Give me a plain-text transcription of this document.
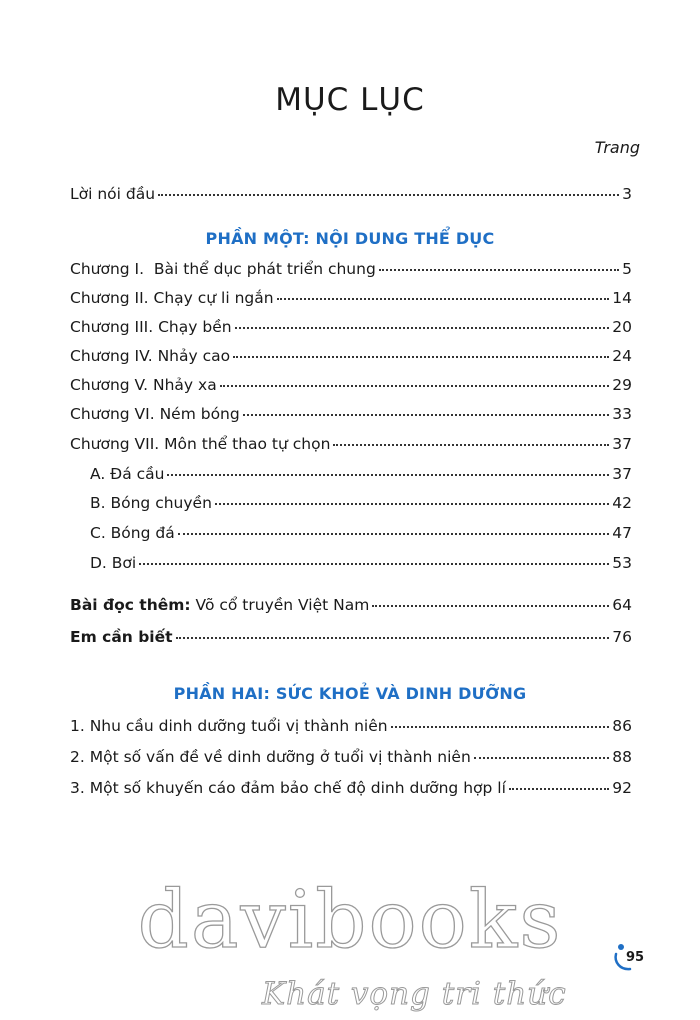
MỤC LỤC
Trang
Lời nói đầu	3
PHẦN MỘT: NỘI DUNG THỂ DỤC
Chương I.  Bài thể dục phát triển chung	5
Chương II. Chạy cự li ngắn	14
Chương III. Chạy bền	20
Chương IV. Nhảy cao	24
Chương V. Nhảy xa	29
Chương VI. Ném bóng	33
Chương VII. Môn thể thao tự chọn	37
A. Đá cầu	37
B. Bóng chuyền	42
C. Bóng đá	47
D. Bơi	53
Bài đọc thêm: Võ cổ truyền Việt Nam	64
Em cần biết	76
PHẦN HAI: SỨC KHOẺ VÀ DINH DƯỠNG
1. Nhu cầu dinh dưỡng tuổi vị thành niên	86
2. Một số vấn đề về dinh dưỡng ở tuổi vị thành niên	88
3. Một số khuyến cáo đảm bảo chế độ dinh dưỡng hợp lí	92
95
davibooks
Khát vọng tri thức
